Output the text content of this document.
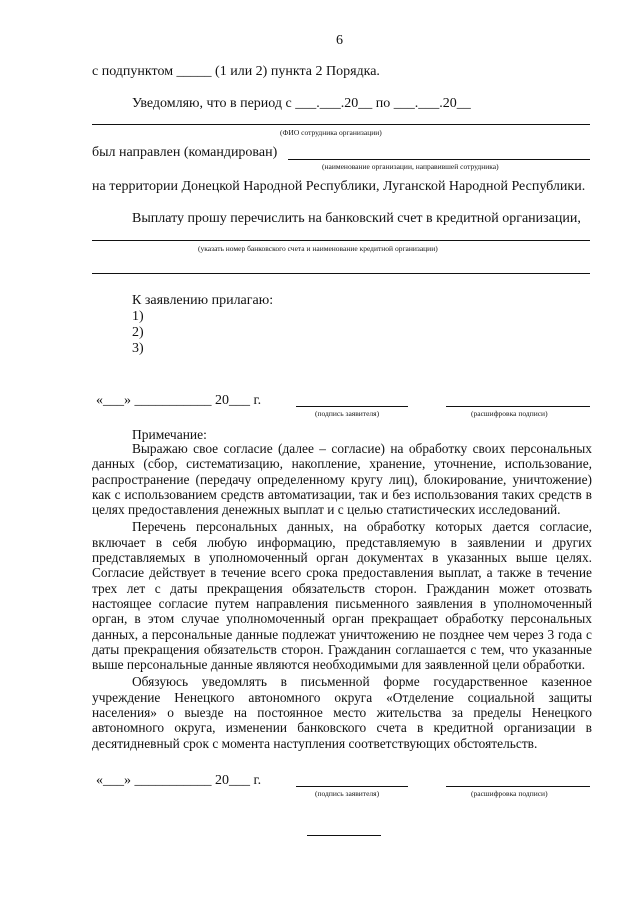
6
с подпунктом _____ (1 или 2) пункта 2 Порядка.
Уведомляю, что в период с ___.___.20__ по ___.___.20__
(ФИО сотрудника организации)
был направлен (командирован)
(наименование организации, направившей сотрудника)
на территории Донецкой Народной Республики, Луганской Народной Республики.
Выплату прошу перечислить на банковский счет в кредитной организации,
(указать номер банковского счета и наименование кредитной организации)
К заявлению прилагаю:
1)
2)
3)
«___» ___________ 20___ г.
(подпись заявителя)	(расшифровка подписи)
Примечание:

Выражаю свое согласие (далее – согласие) на обработку своих персональных данных (сбор, систематизацию, накопление, хранение, уточнение, использование, распространение (передачу определенному кругу лиц), блокирование, уничтожение) как с использованием средств автоматизации, так и без использования таких средств в целях предоставления денежных выплат и с целью статистических исследований.

Перечень персональных данных, на обработку которых дается согласие, включает в себя любую информацию, представляемую в заявлении и других представляемых в уполномоченный орган документах в указанных выше целях. Согласие действует в течение всего срока предоставления выплат, а также в течение трех лет с даты прекращения обязательств сторон. Гражданин может отозвать настоящее согласие путем направления письменного заявления в уполномоченный орган, в этом случае уполномоченный орган прекращает обработку персональных данных, а персональные данные подлежат уничтожению не позднее чем через 3 года с даты прекращения обязательств сторон. Гражданин соглашается с тем, что указанные выше персональные данные являются необходимыми для заявленной цели обработки.

Обязуюсь уведомлять в письменной форме государственное казенное учреждение Ненецкого автономного округа «Отделение социальной защиты населения» о выезде на постоянное место жительства за пределы Ненецкого автономного округа, изменении банковского счета в кредитной организации в десятидневный срок с момента наступления соответствующих обстоятельств.

«___» ___________ 20___ г.
(подпись заявителя)	(расшифровка подписи)
